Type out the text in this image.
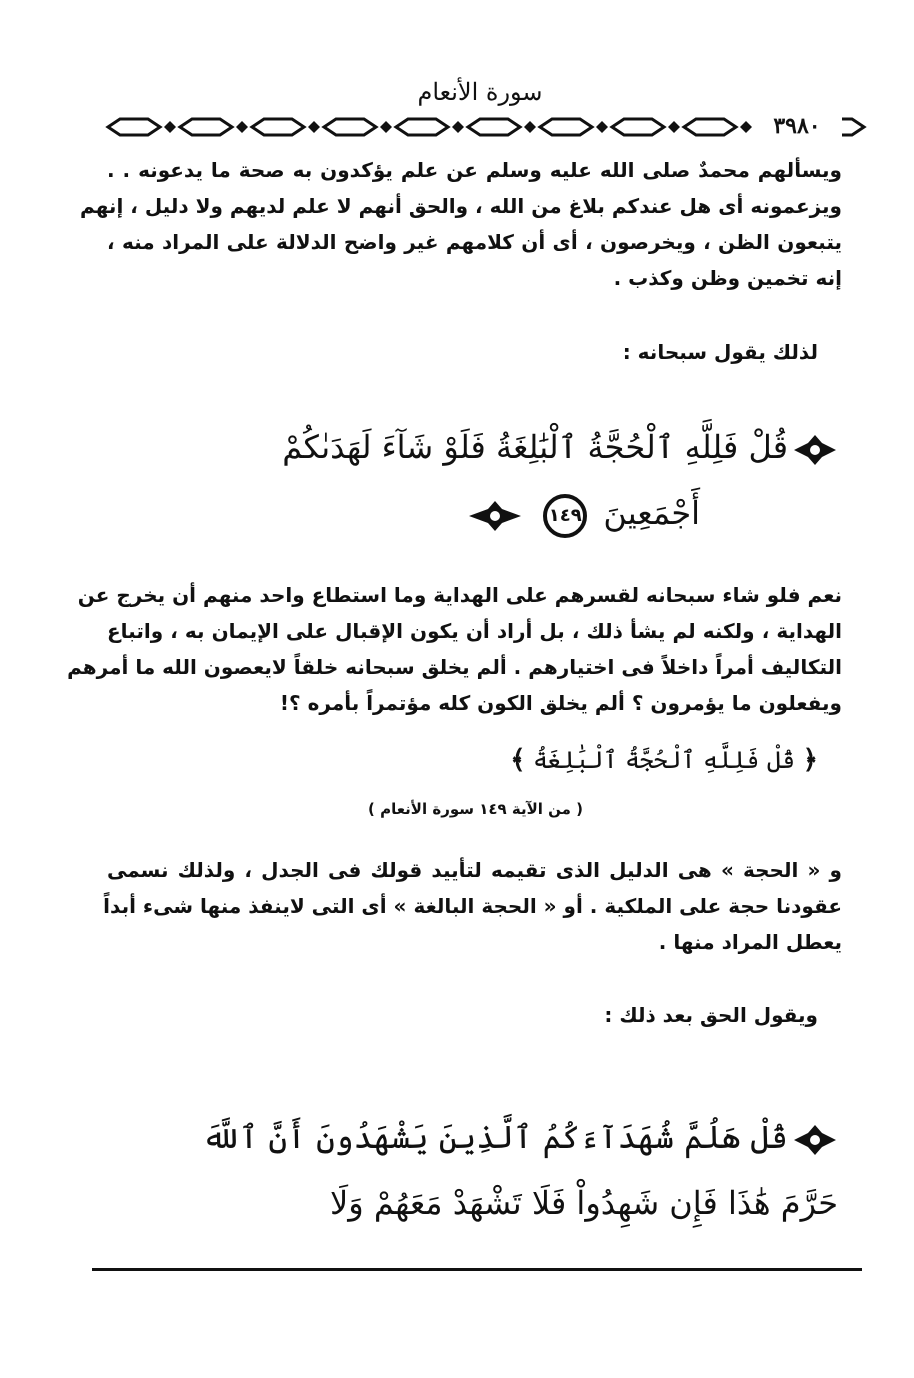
سورة الأنعام
٣٩٨٠
ويسألهم محمدٌ صلى الله عليه وسلم عن علم يؤكدون به صحة ما يدعونه . .
ويزعمونه أى هل عندكم بلاغ من الله ، والحق أنهم لا علم لديهم ولا دليل ، إنهم
يتبعون الظن ، ويخرصون ، أى أن كلامهم غير واضح الدلالة على المراد منه ،
إنه تخمين وظن وكذب .
لذلك يقول سبحانه :
قُلْ فَلِلَّهِ ٱلْحُجَّةُ ٱلْبَٰلِغَةُ فَلَوْ شَآءَ لَهَدَىٰكُمْ
أَجْمَعِينَ ١٤٩
نعم فلو شاء سبحانه لقسرهم على الهداية وما استطاع واحد منهم أن يخرج عن
الهداية ، ولكنه لم يشأ ذلك ، بل أراد أن يكون الإقبال على الإيمان به ، واتباع
التكاليف أمراً داخلاً فى اختيارهم . ألم يخلق سبحانه خلقاً لايعصون الله ما أمرهم
ويفعلون ما يؤمرون ؟ ألم يخلق الكون كله مؤتمراً بأمره ؟!
﴿ قُلْ فَلِلَّهِ ٱلْحُجَّةُ ٱلْبَٰلِغَةُ ﴾
( من الآية ١٤٩ سورة الأنعام )
و « الحجة » هى الدليل الذى تقيمه لتأييد قولك فى الجدل ، ولذلك نسمى
عقودنا حجة على الملكية . أو « الحجة البالغة » أى التى لاينفذ منها شىء أبداً
يعطل المراد منها .
ويقول الحق بعد ذلك :
قُلْ هَلُمَّ شُهَدَآءَكُمُ ٱلَّذِينَ يَشْهَدُونَ أَنَّ ٱللَّهَ
حَرَّمَ هَٰذَا فَإِن شَهِدُواْ فَلَا تَشْهَدْ مَعَهُمْ وَلَا
